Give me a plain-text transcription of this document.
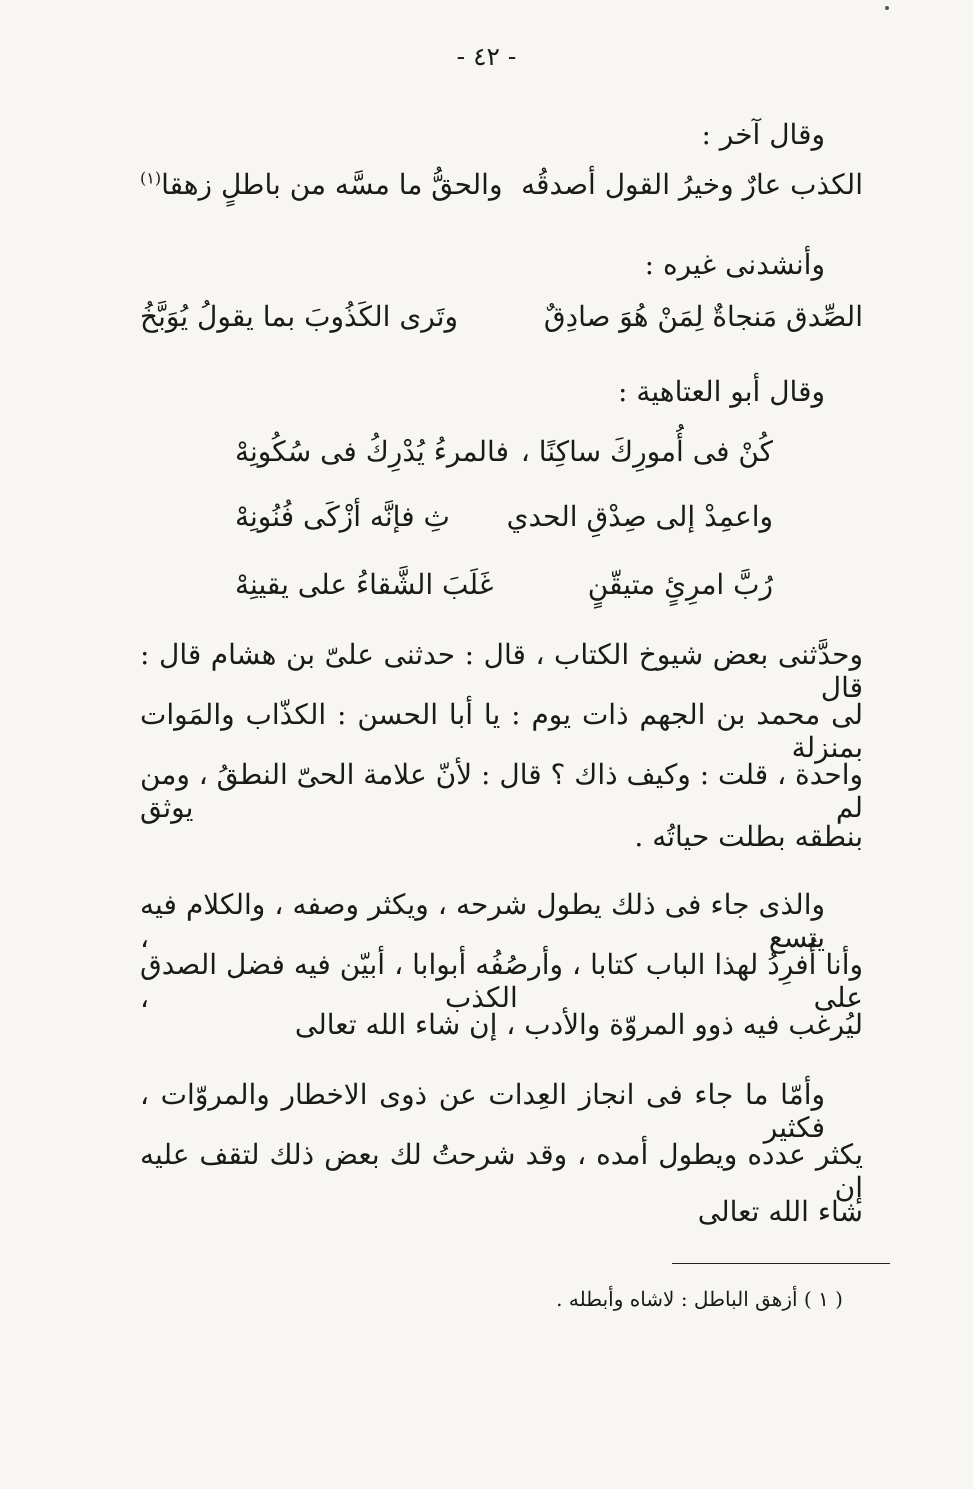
- ٤٢ -
وقال آخر :
الكذب عارٌ وخيرُ القول أصدقُه
والحقُّ ما مسَّه من باطلٍ زهقا$^{(١)}$
وأنشدنى غيره :
الصِّدق مَنجاةٌ لِمَنْ هُوَ صادِقٌ
وتَرى الكَذُوبَ بما يقولُ يُوَبَّخُ
وقال أبو العتاهية :
كُنْ فى أُمورِكَ ساكِنًا ،
فالمرءُ يُدْرِكُ فى سُكُونِهْ
واعمِدْ إلى صِدْقِ الحدي
ثِ فإنَّه أزْكَى فُنُونِهْ
رُبَّ امرِئٍ متيقّنٍ
غَلَبَ الشَّقاءُ على يقينِهْ
وحدَّثنى بعض شيوخ الكتاب ، قال : حدثنى علىّ بن هشام قال : قال
لى محمد بن الجهم ذات يوم : يا أبا الحسن : الكذّاب والمَوات بمنزلة
واحدة ، قلت : وكيف ذاك ؟ قال : لأنّ علامة الحىّ النطقُ ، ومن لم يوثق
بنطقه بطلت حياتُه .
والذى جاء فى ذلك يطول شرحه ، ويكثر وصفه ، والكلام فيه يتسع ،
وأنا أُفرِدُ لهذا الباب كتابا ، وأرصُفُه أبوابا ، أبيّن فيه فضل الصدق على الكذب ،
ليُرغب فيه ذوو المروّة والأدب ، إن شاء الله تعالى
وأمّا ما جاء فى انجاز العِدات عن ذوى الاخطار والمروّات ، فكثير
يكثر عدده ويطول أمده ، وقد شرحتُ لك بعض ذلك لتقف عليه إن
شاء الله تعالى
( ١ ) أزهق الباطل : لاشاه وأبطله .
